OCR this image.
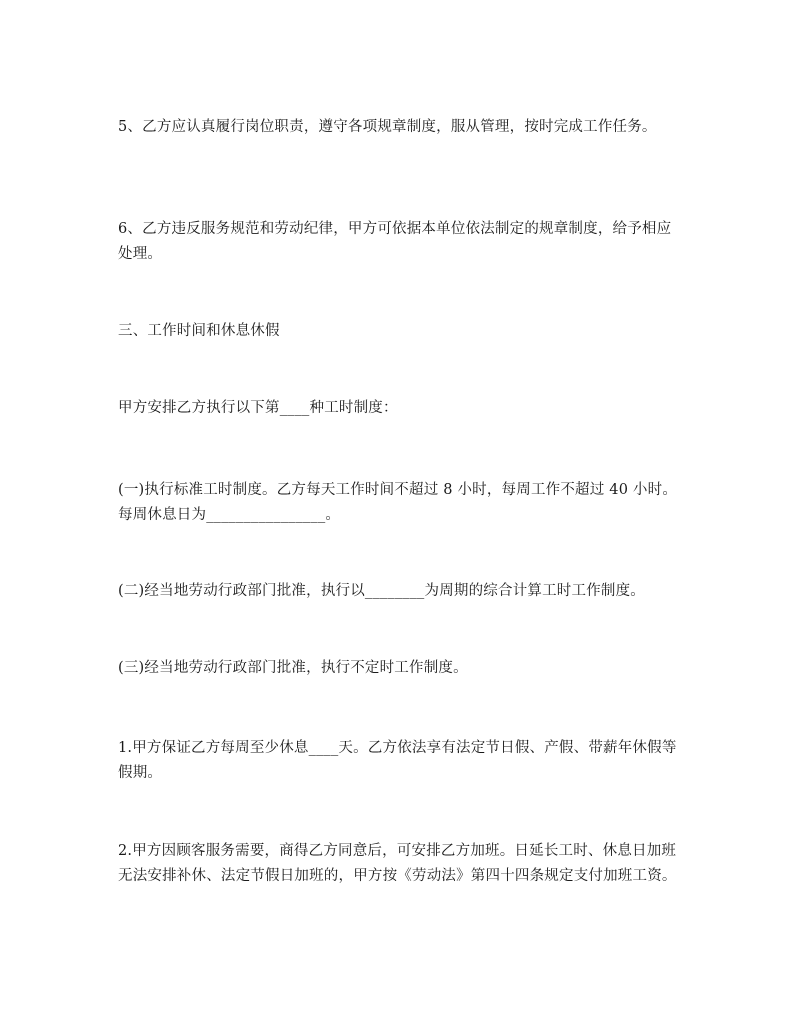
5、乙方应认真履行岗位职责，遵守各项规章制度，服从管理，按时完成工作任务。

6、乙方违反服务规范和劳动纪律，甲方可依据本单位依法制定的规章制度，给予相应处理。

三、工作时间和休息休假

甲方安排乙方执行以下第____种工时制度：

(一)执行标准工时制度。乙方每天工作时间不超过 8 小时，每周工作不超过 40 小时。每周休息日为________________。

(二)经当地劳动行政部门批准，执行以________为周期的综合计算工时工作制度。

(三)经当地劳动行政部门批准，执行不定时工作制度。

1.甲方保证乙方每周至少休息____天。乙方依法享有法定节日假、产假、带薪年休假等假期。

2.甲方因顾客服务需要，商得乙方同意后，可安排乙方加班。日延长工时、休息日加班无法安排补休、法定节假日加班的，甲方按《劳动法》第四十四条规定支付加班工资。
